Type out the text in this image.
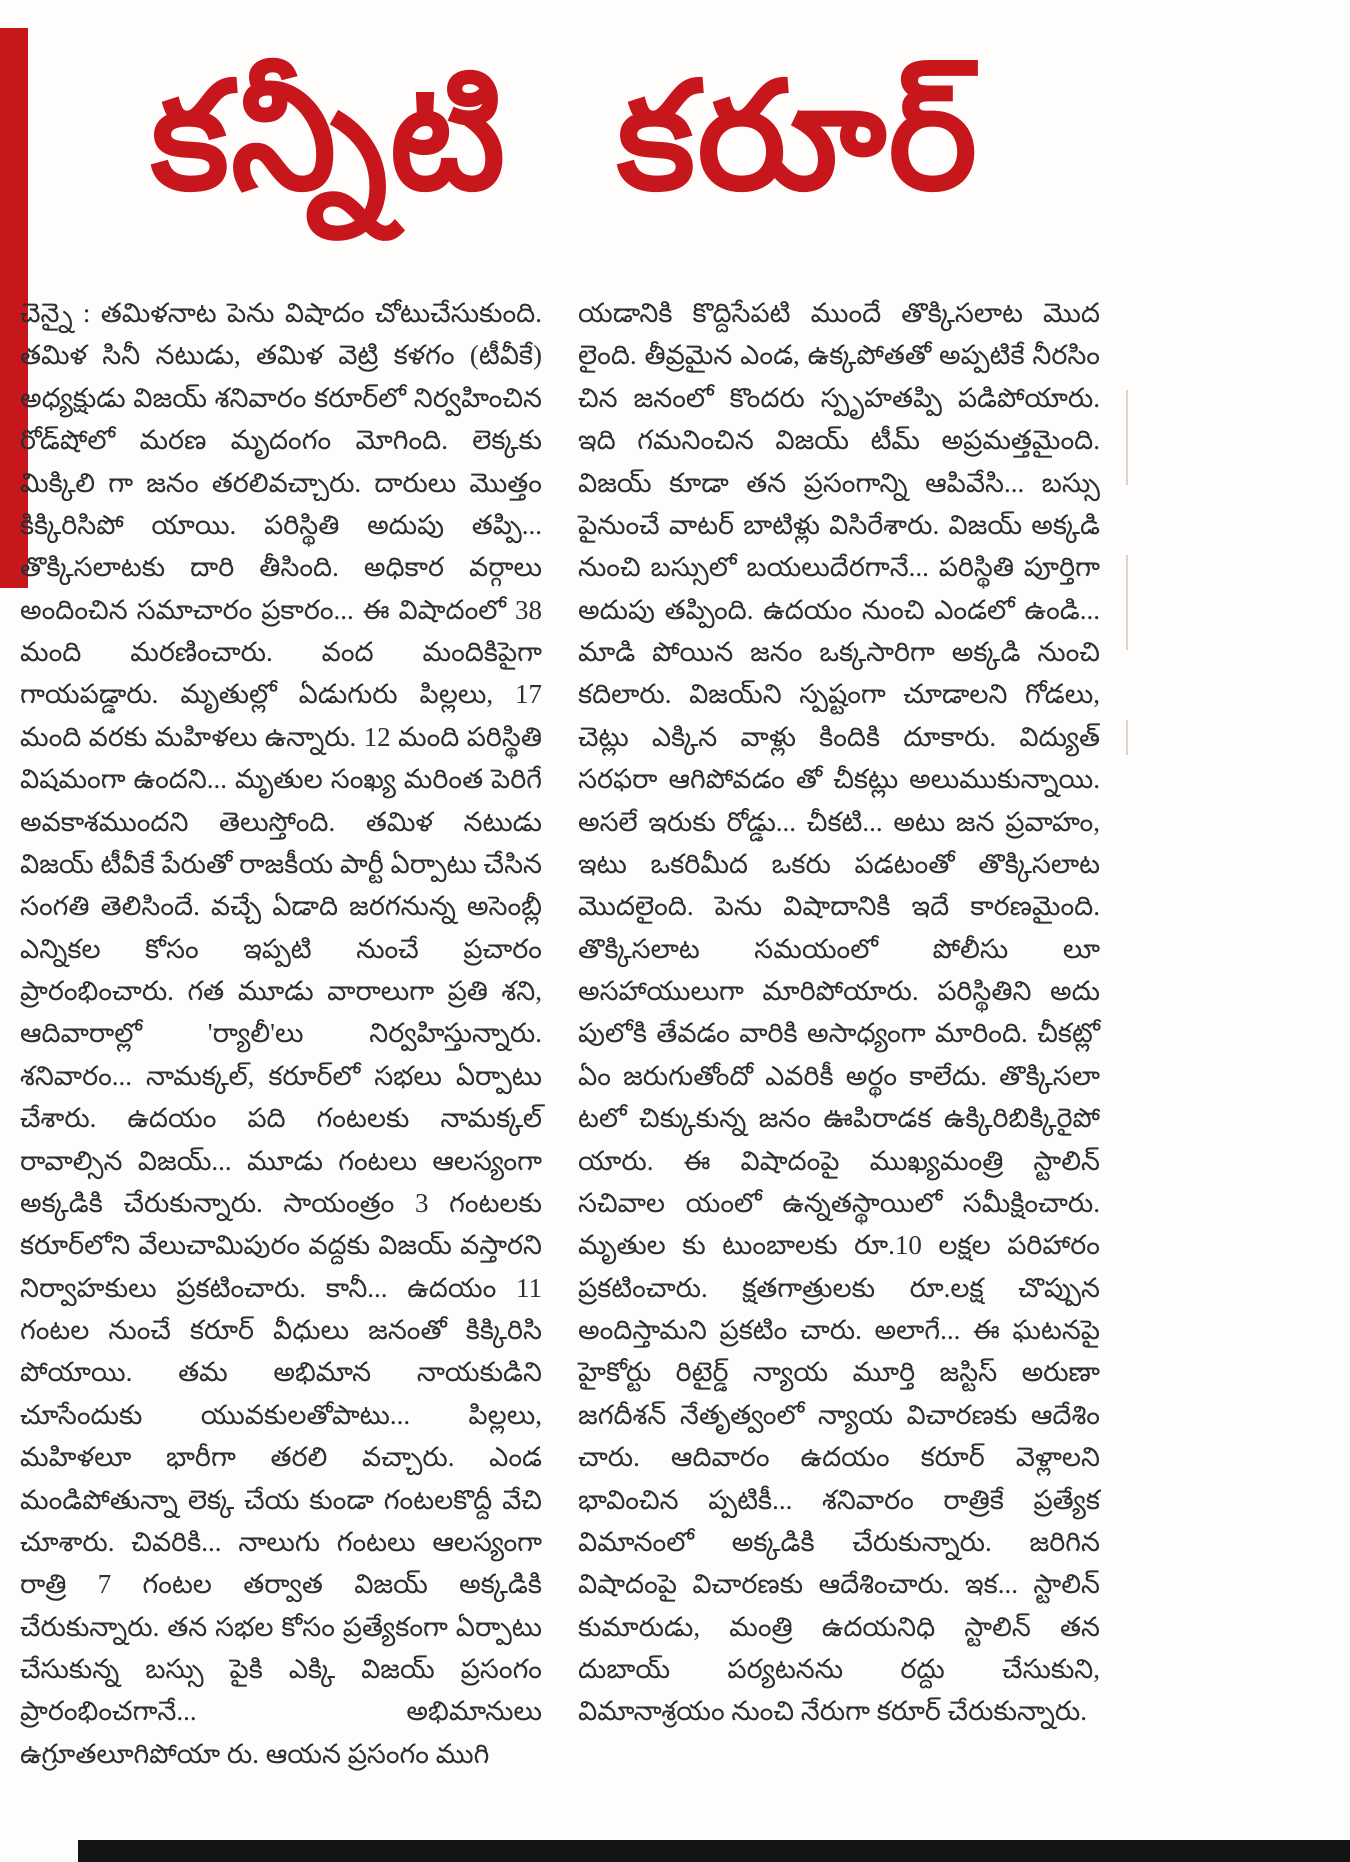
కన్నీటి కరూర్
చెన్నై : తమిళనాట పెను విషాదం చోటుచేసుకుంది. తమిళ సినీ నటుడు, తమిళ వెట్రి కళగం (టీవీకే) అధ్యక్షుడు విజయ్ శనివారం కరూర్‌లో నిర్వహించిన రోడ్‌షోలో మరణ మృదంగం మోగింది. లెక్కకు మిక్కిలి గా జనం తరలివచ్చారు. దారులు మొత్తం కిక్కిరిసిపో యాయి. పరిస్థితి అదుపు తప్పి... తొక్కిసలాటకు దారి తీసింది. అధికార వర్గాలు అందించిన సమాచారం ప్రకారం... ఈ విషాదంలో 38 మంది మరణించారు. వంద మందికిపైగా గాయపడ్డారు. మృతుల్లో ఏడుగురు పిల్లలు, 17 మంది వరకు మహిళలు ఉన్నారు. 12 మంది పరిస్థితి విషమంగా ఉందని... మృతుల సంఖ్య మరింత పెరిగే అవకాశముందని తెలుస్తోంది. తమిళ నటుడు విజయ్ టీవీకే పేరుతో రాజకీయ పార్టీ ఏర్పాటు చేసిన సంగతి తెలిసిందే. వచ్చే ఏడాది జరగనున్న అసెంబ్లీ ఎన్నికల కోసం ఇప్పటి నుంచే ప్రచారం ప్రారంభించారు. గత మూడు వారాలుగా ప్రతి శని, ఆదివారాల్లో 'ర్యాలీ'లు నిర్వహిస్తున్నారు. శనివారం... నామక్కల్, కరూర్‌లో సభలు ఏర్పాటు చేశారు. ఉదయం పది గంటలకు నామక్కల్ రావాల్సిన విజయ్... మూడు గంటలు ఆలస్యంగా అక్కడికి చేరుకున్నారు. సాయంత్రం 3 గంటలకు కరూర్‌లోని వేలుచామిపురం వద్దకు విజయ్ వస్తారని నిర్వాహకులు ప్రకటించారు. కానీ... ఉదయం 11 గంటల నుంచే కరూర్ వీధులు జనంతో కిక్కిరిసి పోయాయి. తమ అభిమాన నాయకుడిని చూసేందుకు యువకులతోపాటు... పిల్లలు, మహిళలూ భారీగా తరలి వచ్చారు. ఎండ మండిపోతున్నా లెక్క చేయ కుండా గంటలకొద్దీ వేచి చూశారు. చివరికి... నాలుగు గంటలు ఆలస్యంగా రాత్రి 7 గంటల తర్వాత విజయ్ అక్కడికి చేరుకున్నారు. తన సభల కోసం ప్రత్యేకంగా ఏర్పాటు చేసుకున్న బస్సు పైకి ఎక్కి విజయ్ ప్రసంగం ప్రారంభించగానే... అభిమానులు ఉగ్రూతలూగిపోయా రు. ఆయన ప్రసంగం ముగి
యడానికి కొద్దిసేపటి ముందే తొక్కిసలాట మొద లైంది. తీవ్రమైన ఎండ, ఉక్కపోతతో అప్పటికే నీరసిం చిన జనంలో కొందరు స్పృహతప్పి పడిపోయారు. ఇది గమనించిన విజయ్ టీమ్ అప్రమత్తమైంది. విజయ్ కూడా తన ప్రసంగాన్ని ఆపివేసి... బస్సు పైనుంచే వాటర్ బాటిళ్లు విసిరేశారు. విజయ్ అక్కడి నుంచి బస్సులో బయలుదేరగానే... పరిస్థితి పూర్తిగా అదుపు తప్పింది. ఉదయం నుంచి ఎండలో ఉండి... మాడి పోయిన జనం ఒక్కసారిగా అక్కడి నుంచి కదిలారు. విజయ్‌ని స్పష్టంగా చూడాలని గోడలు, చెట్లు ఎక్కిన వాళ్లు కిందికి దూకారు. విద్యుత్ సరఫరా ఆగిపోవడం తో చీకట్లు అలుముకున్నాయి. అసలే ఇరుకు రోడ్డు... చీకటి... అటు జన ప్రవాహం, ఇటు ఒకరిమీద ఒకరు పడటంతో తొక్కిసలాట మొదలైంది. పెను విషాదానికి ఇదే కారణమైంది. తొక్కిసలాట సమయంలో పోలీసు లూ అసహాయులుగా మారిపోయారు. పరిస్థితిని అదు పులోకి తేవడం వారికి అసాధ్యంగా మారింది. చీకట్లో ఏం జరుగుతోందో ఎవరికీ అర్థం కాలేదు. తొక్కిసలా టలో చిక్కుకున్న జనం ఊపిరాడక ఉక్కిరిబిక్కిరైపో యారు. ఈ విషాదంపై ముఖ్యమంత్రి స్టాలిన్ సచివాల యంలో ఉన్నతస్థాయిలో సమీక్షించారు. మృతుల కు టుంబాలకు రూ.10 లక్షల పరిహారం ప్రకటించారు. క్షతగాత్రులకు రూ.లక్ష చొప్పున అందిస్తామని ప్రకటిం చారు. అలాగే... ఈ ఘటనపై హైకోర్టు రిటైర్డ్ న్యాయ మూర్తి జస్టిస్ అరుణా జగదీశన్ నేతృత్వంలో న్యాయ విచారణకు ఆదేశిం చారు. ఆదివారం ఉదయం కరూర్ వెళ్లాలని భావించిన ప్పటికీ... శనివారం రాత్రికే ప్రత్యేక విమానంలో అక్కడికి చేరుకున్నారు. జరిగిన విషాదంపై విచారణకు ఆదేశించారు. ఇక... స్టాలిన్ కుమారుడు, మంత్రి ఉదయనిధి స్టాలిన్ తన దుబాయ్ పర్యటనను రద్దు చేసుకుని, విమానాశ్రయం నుంచి నేరుగా కరూర్ చేరుకున్నారు.
